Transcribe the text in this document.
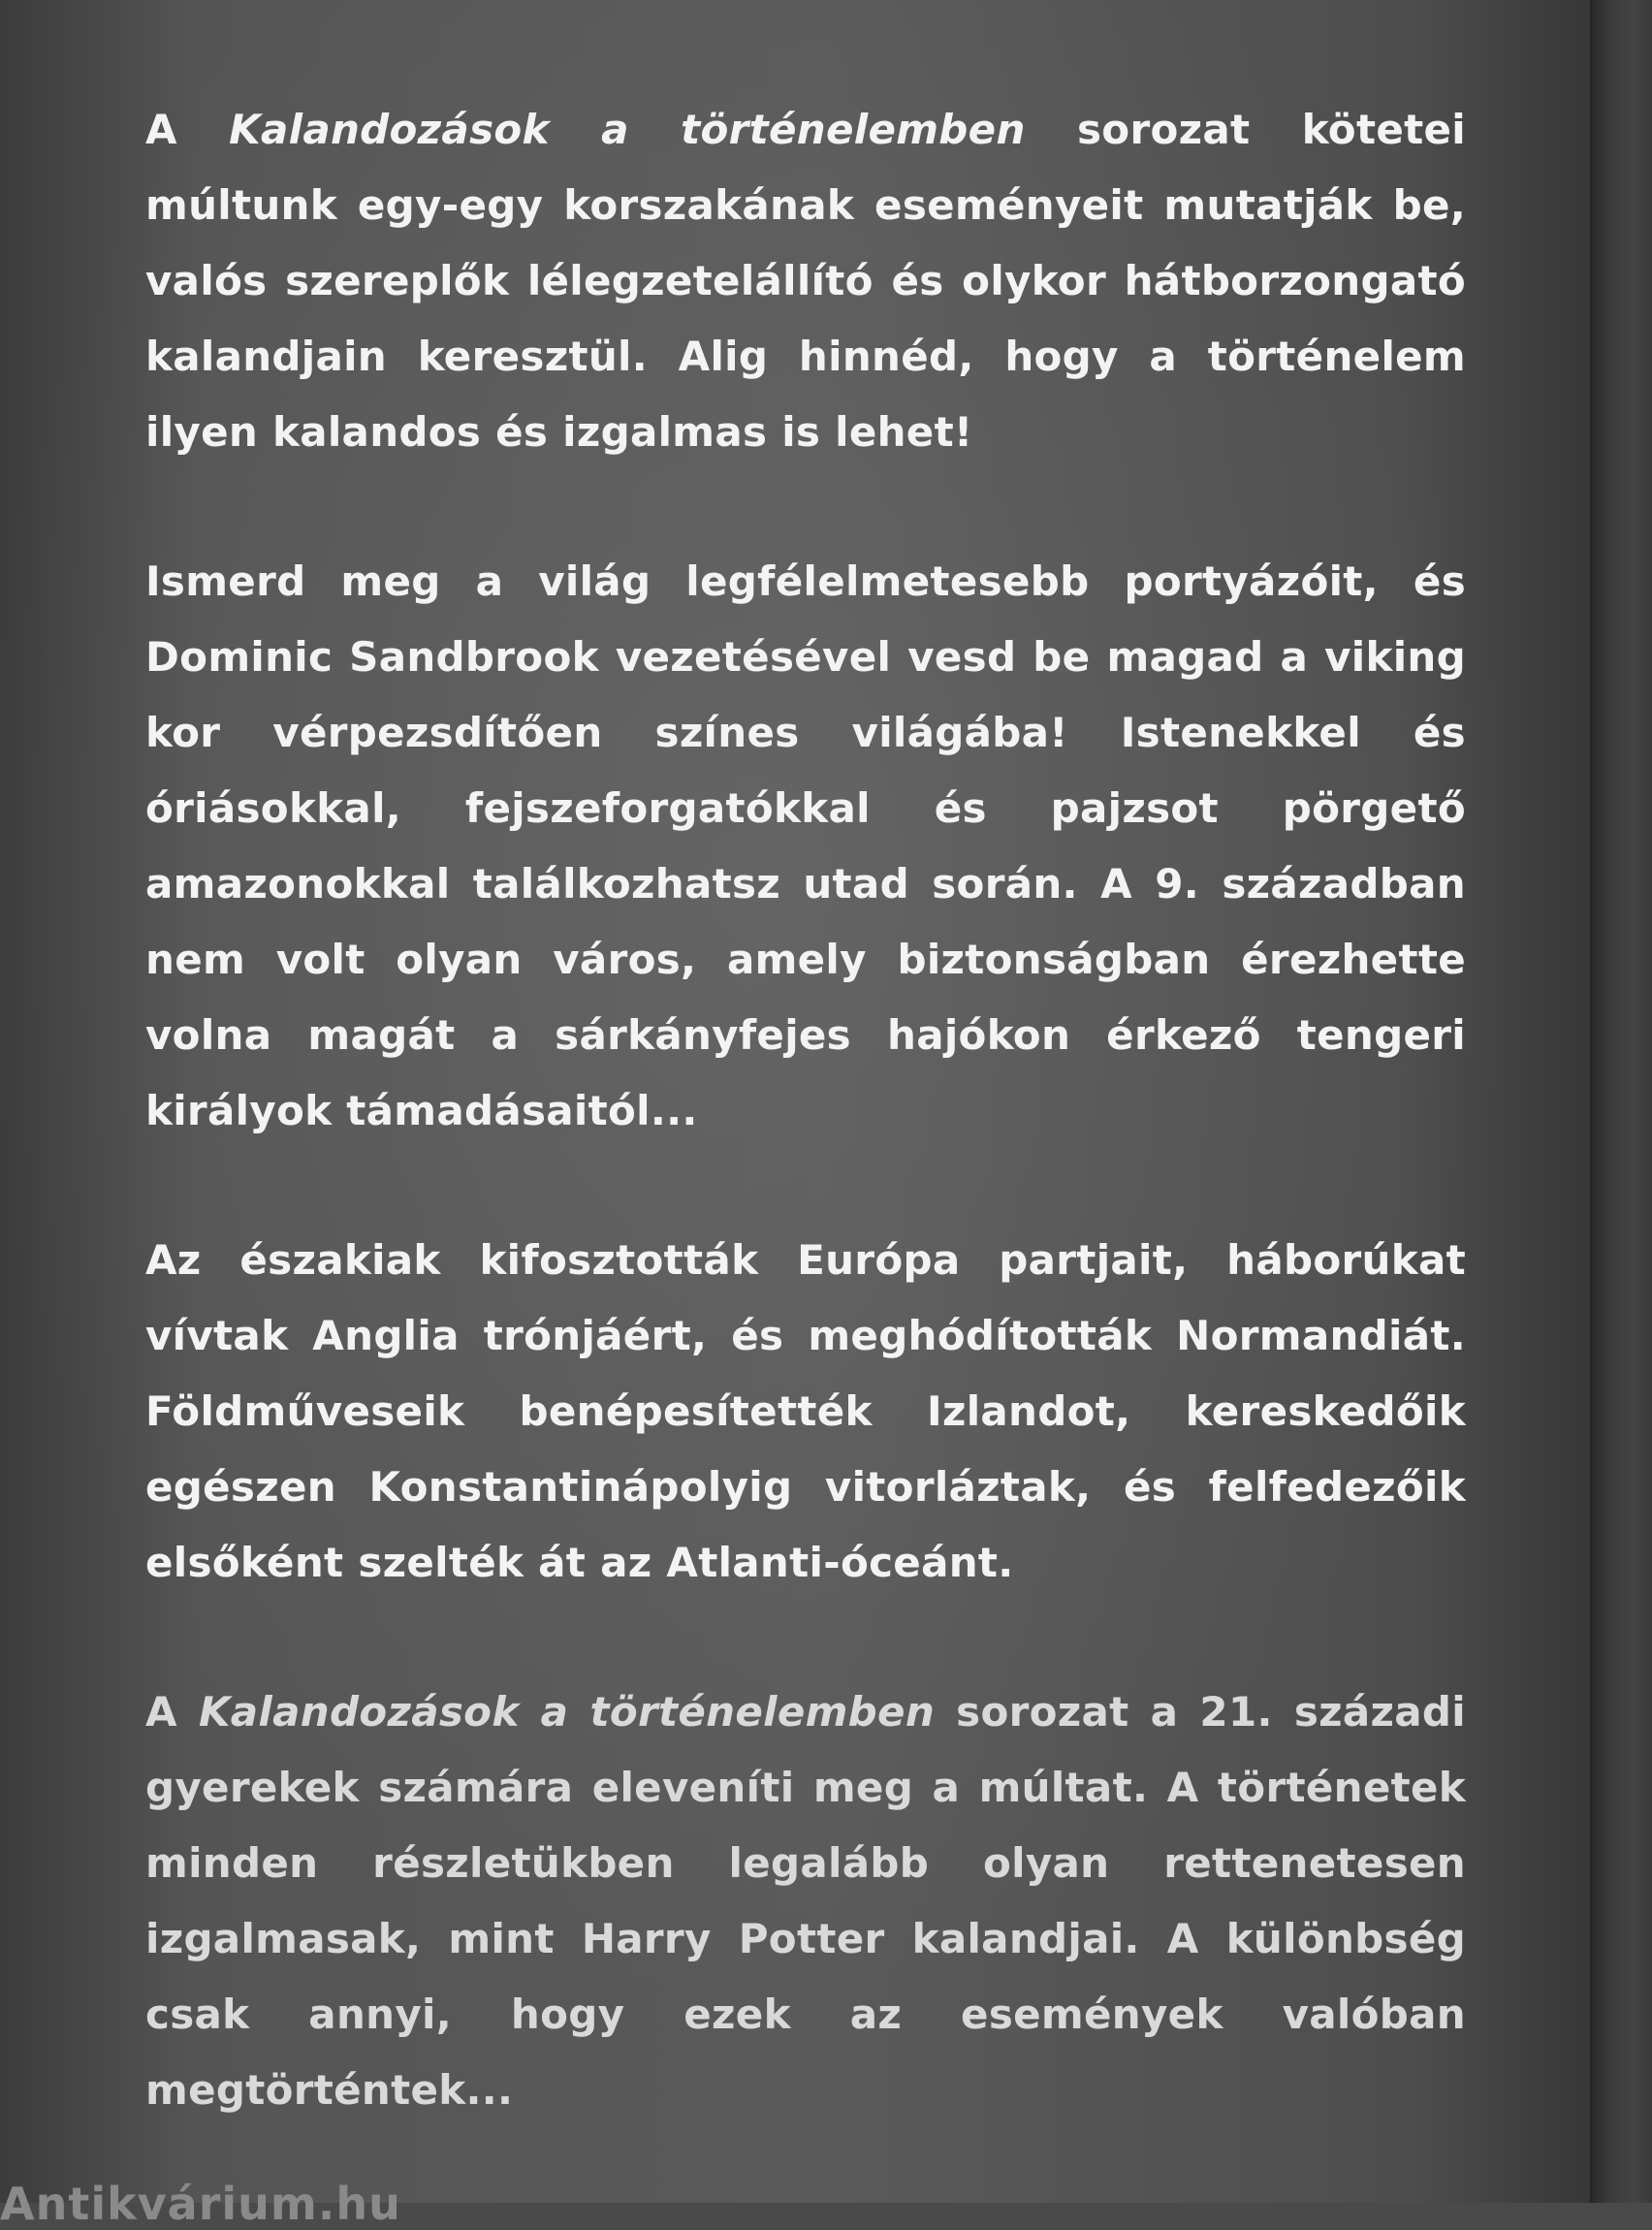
A Kalandozások a történelemben sorozat kötetei múltunk egy-egy korszakának eseményeit mutatják be, valós szereplők lélegzetelállító és olykor hátborzongató kalandjain keresztül. Alig hinnéd, hogy a történelem ilyen kalandos és izgalmas is lehet!

Ismerd meg a világ legfélelmetesebb portyázóit, és Dominic Sandbrook vezetésével vesd be magad a viking kor vérpezsdítően színes világába! Istenekkel és óriásokkal, fejszeforgatókkal és pajzsot pörgető amazonokkal találkozhatsz utad során. A 9. században nem volt olyan város, amely biztonságban érezhette volna magát a sárkányfejes hajókon érkező tengeri királyok támadásaitól...

Az északiak kifosztották Európa partjait, háborúkat vívtak Anglia trónjáért, és meghódították Normandiát. Földművеseik benépesítették Izlandot, kereskedőik egészen Konstantinápolyig vitorláztak, és felfedezőik elsőként szelték át az Atlanti-óceánt.

A Kalandozások a történelemben sorozat a 21. századi gyerekek számára eleveníti meg a múltat. A történetek minden részletükben legalább olyan rettenetesen izgalmasak, mint Harry Potter kalandjai. A különbség csak annyi, hogy ezek az események valóban megtörténtek...

Antikvárium.hu
